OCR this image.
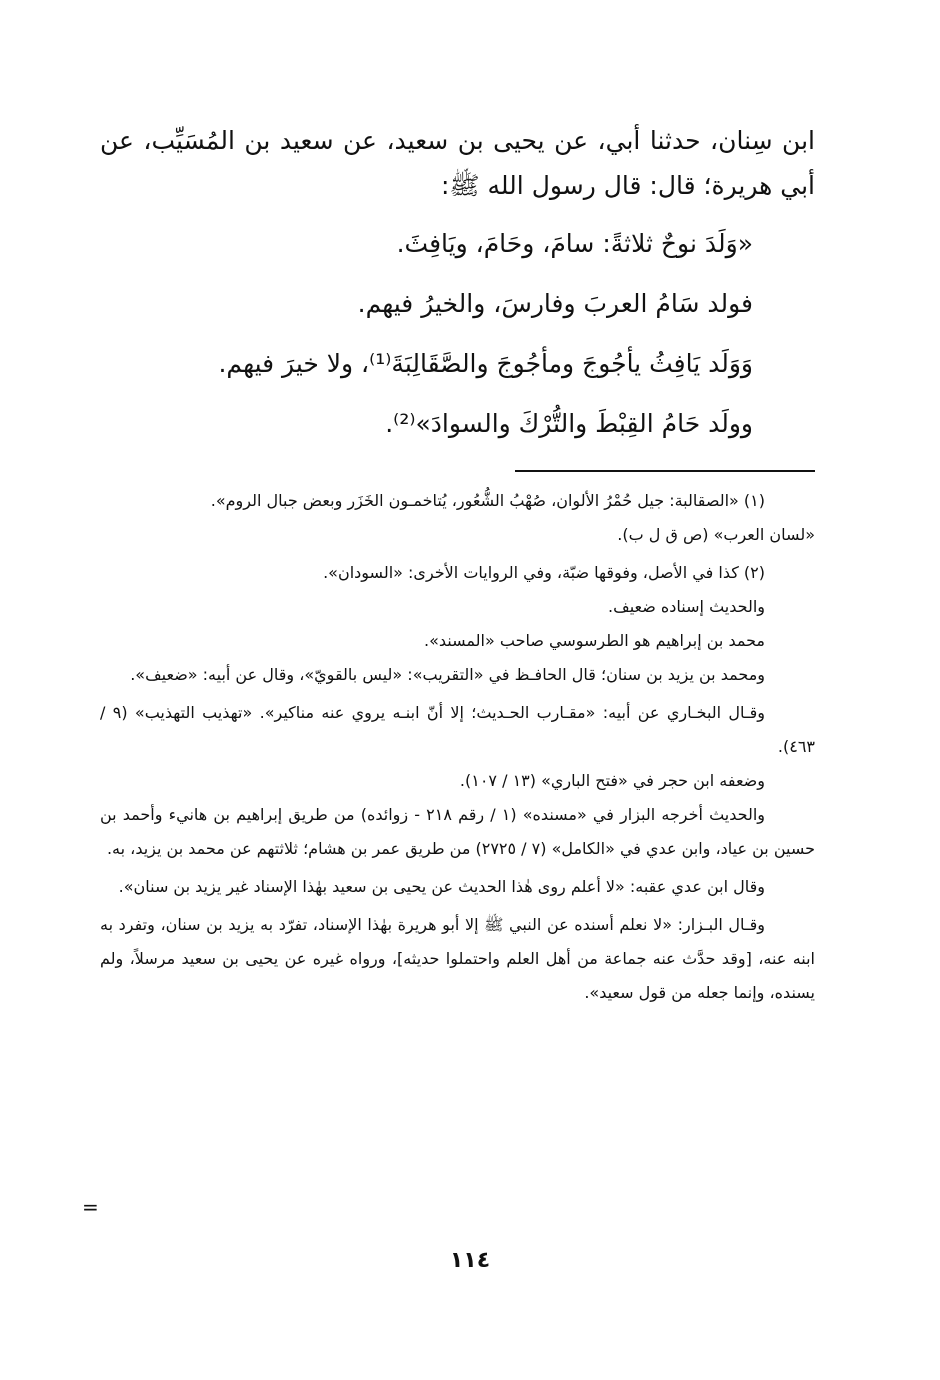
ابن سِنان، حدثنا أبي، عن يحيى بن سعيد، عن سعيد بن المُسَيِّب، عن أبي هريرة؛ قال: قال رسول الله ﷺ:

«وَلَدَ نوحٌ ثلاثةً: سامَ، وحَامَ، ويَافِثَ.

فولد سَامُ العربَ وفارسَ، والخيرُ فيهم.

وَوَلَد يَافِثُ يأجُوجَ ومأجُوجَ والصَّقَالِبَةَ⁽¹⁾، ولا خيرَ فيهم.

وولَد حَامُ القِبْطَ والتُّرْكَ والسوادَ»⁽²⁾.

(١) «الصقالبة: جيل حُمْرُ الألوان، صُهْبُ الشُّعُور، يُتاخمـون الخَزَر وبعض جبال الروم».

«لسان العرب» (ص ق ل ب).

(٢) كذا في الأصل، وفوقها ضبّة، وفي الروايات الأخرى: «السودان».

والحديث إسناده ضعيف.

محمد بن إبراهيم هو الطرسوسي صاحب «المسند».

ومحمد بن يزيد بن سنان؛ قال الحافـظ في «التقريب»: «ليس بالقويّ»، وقال عن أبيه: «ضعيف».

وقـال البخـاري عن أبيه: «مقـارب الحـديث؛ إلا أنّ ابنـه يروي عنه مناكير». «تهذيب التهذيب» (٩ / ٤٦٣).

وضعفه ابن حجر في «فتح الباري» (١٣ / ١٠٧).

والحديث أخرجه البزار في «مسنده» (١ / رقم ٢١٨ - زوائده) من طريق إبراهيم بن هانيء وأحمد بن حسين بن عياد، وابن عدي في «الكامل» (٧ / ٢٧٢٥) من طريق عمر بن هشام؛ ثلاثتهم عن محمد بن يزيد، به.

وقال ابن عدي عقبه: «لا أعلم روى هٰذا الحديث عن يحيى بن سعيد بهٰذا الإسناد غير يزيد بن سنان».

وقـال البـزار: «لا نعلم أسنده عن النبي ﷺ إلا أبو هريرة بهٰذا الإسناد، تفرّد به يزيد بن سنان، وتفرد به ابنه عنه، [وقد حدَّث عنه جماعة من أهل العلم واحتملوا حديثه]، ورواه غيره عن يحيى بن سعيد مرسلاً، ولم يسنده، وإنما جعله من قول سعيد».

=
١١٤
